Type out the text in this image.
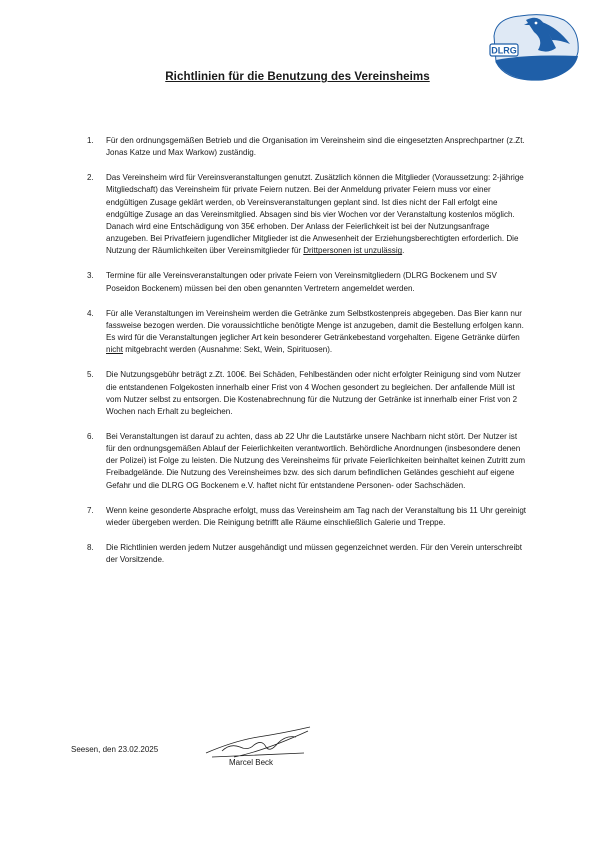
DLRG
Richtlinien für die Benutzung des Vereinsheims
1. Für den ordnungsgemäßen Betrieb und die Organisation im Vereinsheim sind die eingesetzten Ansprechpartner (z.Zt. Jonas Katze und Max Warkow) zuständig.
2. Das Vereinsheim wird für Vereinsveranstaltungen genutzt. Zusätzlich können die Mitglieder (Voraussetzung: 2-jährige Mitgliedschaft) das Vereinsheim für private Feiern nutzen. Bei der Anmeldung privater Feiern muss vor einer endgültigen Zusage geklärt werden, ob Vereinsveranstaltungen geplant sind. Ist dies nicht der Fall erfolgt eine endgültige Zusage an das Vereinsmitglied. Absagen sind bis vier Wochen vor der Veranstaltung kostenlos möglich. Danach wird eine Entschädigung von 35€ erhoben. Der Anlass der Feierlichkeit ist bei der Nutzungsanfrage anzugeben. Bei Privatfeiern jugendlicher Mitglieder ist die Anwesenheit der Erziehungsberechtigten erforderlich. Die Nutzung der Räumlichkeiten über Vereinsmitglieder für Drittpersonen ist unzulässig.
3. Termine für alle Vereinsveranstaltungen oder private Feiern von Vereinsmitgliedern (DLRG Bockenem und SV Poseidon Bockenem) müssen bei den oben genannten Vertretern angemeldet werden.
4. Für alle Veranstaltungen im Vereinsheim werden die Getränke zum Selbstkostenpreis abgegeben. Das Bier kann nur fassweise bezogen werden. Die voraussichtliche benötigte Menge ist anzugeben, damit die Bestellung erfolgen kann. Es wird für die Veranstaltungen jeglicher Art kein besonderer Getränkebestand vorgehalten. Eigene Getränke dürfen nicht mitgebracht werden (Ausnahme: Sekt, Wein, Spirituosen).
5. Die Nutzungsgebühr beträgt z.Zt. 100€. Bei Schäden, Fehlbeständen oder nicht erfolgter Reinigung sind vom Nutzer die entstandenen Folgekosten innerhalb einer Frist von 4 Wochen gesondert zu begleichen. Der anfallende Müll ist vom Nutzer selbst zu entsorgen. Die Kostenabrechnung für die Nutzung der Getränke ist innerhalb einer Frist von 2 Wochen nach Erhalt zu begleichen.
6. Bei Veranstaltungen ist darauf zu achten, dass ab 22 Uhr die Lautstärke unsere Nachbarn nicht stört. Der Nutzer ist für den ordnungsgemäßen Ablauf der Feierlichkeiten verantwortlich. Behördliche Anordnungen (insbesondere denen der Polizei) ist Folge zu leisten. Die Nutzung des Vereinsheims für private Feierlichkeiten beinhaltet keinen Zutritt zum Freibadgelände. Die Nutzung des Vereinsheimes bzw. des sich darum befindlichen Geländes geschieht auf eigene Gefahr und die DLRG OG Bockenem e.V. haftet nicht für entstandene Personen- oder Sachschäden.
7. Wenn keine gesonderte Absprache erfolgt, muss das Vereinsheim am Tag nach der Veranstaltung bis 11 Uhr gereinigt wieder übergeben werden. Die Reinigung betrifft alle Räume einschließlich Galerie und Treppe.
8. Die Richtlinien werden jedem Nutzer ausgehändigt und müssen gegenzeichnet werden. Für den Verein unterschreibt der Vorsitzende.
Seesen, den 23.02.2025
Marcel Beck
